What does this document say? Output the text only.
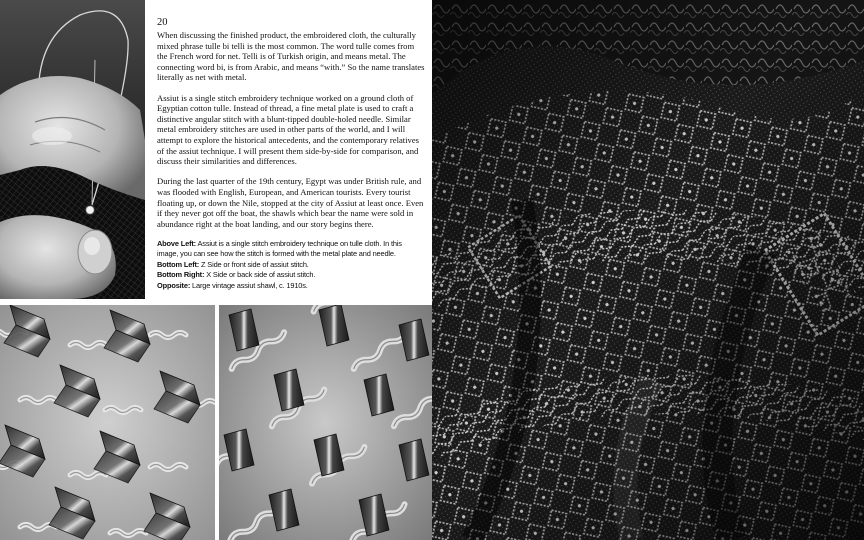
20

When discussing the finished product, the embroidered cloth, the culturally mixed phrase tulle bi telli is the most common. The word tulle comes from the French word for net. Telli is of Turkish origin, and means metal. The connecting word bi, is from Arabic, and means “with.” So the name translates literally as net with metal.

Assiut is a single stitch embroidery technique worked on a ground cloth of Egyptian cotton tulle. Instead of thread, a fine metal plate is used to craft a distinctive angular stitch with a blunt-tipped double-holed needle. Similar metal embroidery stitches are used in other parts of the world, and I will attempt to explore the historical antecedents, and the contemporary relatives of the assiut technique. I will present them side-by-side for comparison, and discuss their similarities and differences.

During the last quarter of the 19th century, Egypt was under British rule, and was flooded with English, European, and American tourists. Every tourist floating up, or down the Nile, stopped at the city of Assiut at least once. Even if they never got off the boat, the shawls which bear the name were sold in abundance right at the boat landing, and our story begins there.

Above Left: Assiut is a single stitch embroidery technique on tulle cloth. In this image, you can see how the stitch is formed with the metal plate and needle.
Bottom Left: Z Side or front side of assiut stitch.
Bottom Right: X Side or back side of assiut stitch.
Opposite: Large vintage assiut shawl, c. 1910s.
